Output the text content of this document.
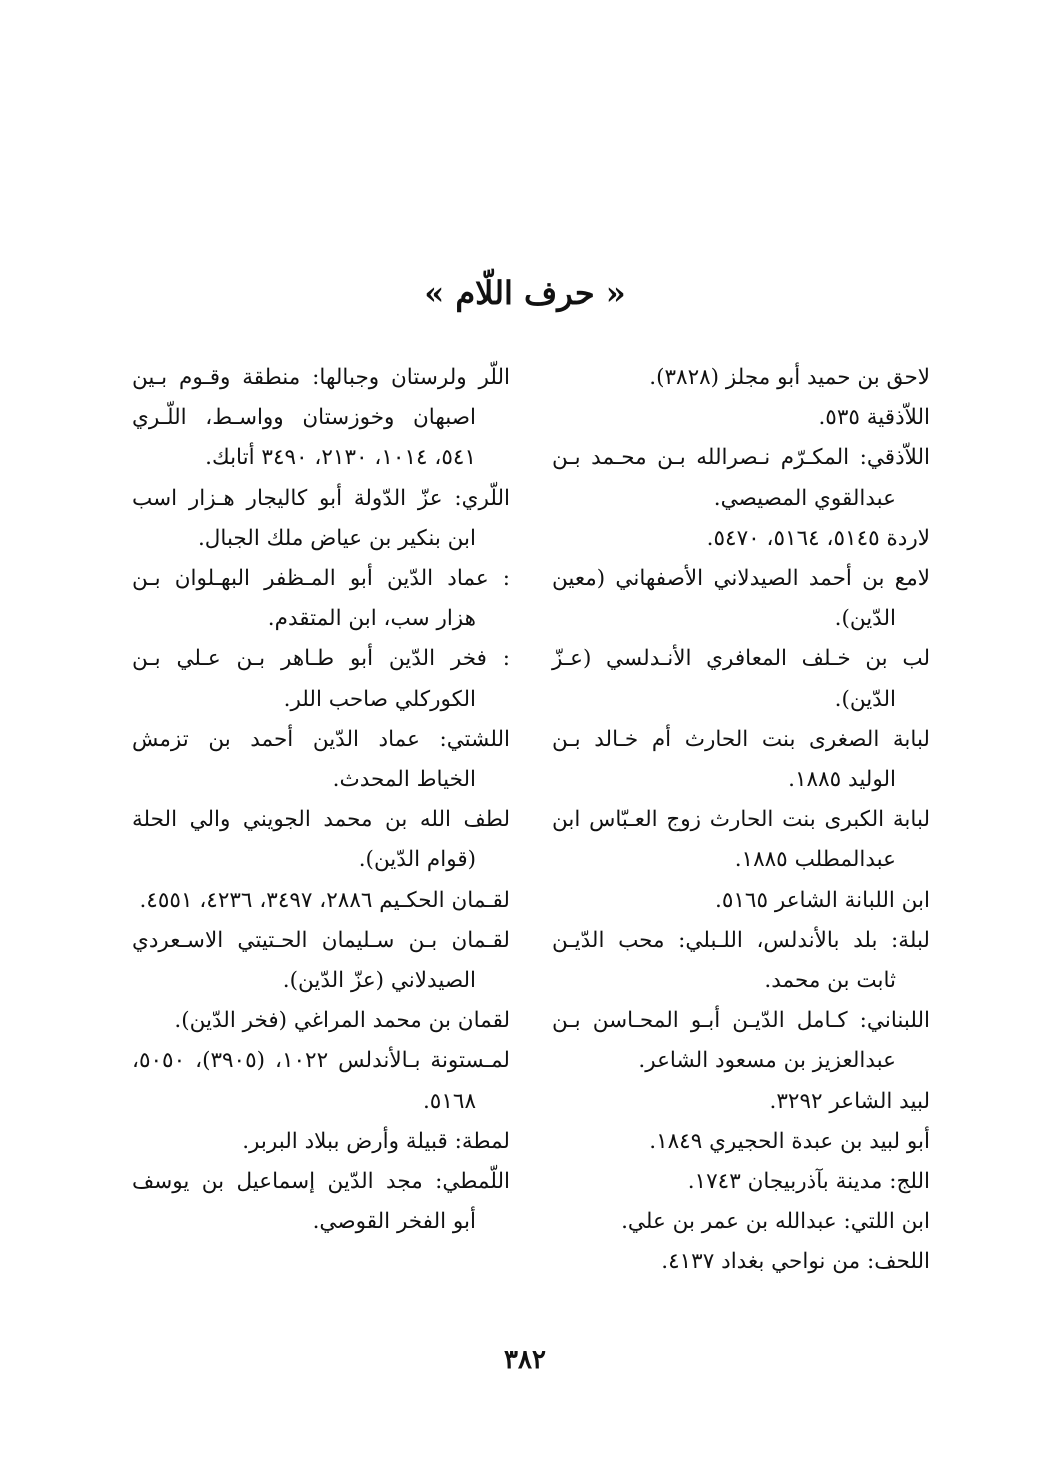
« حرف اللّام »

لاحق بن حميد أبو مجلز (٣٨٢٨).

اللاّذقية ٥٣٥.

اللاّذقي: المكـرّم نـصرالله بـن محـمد بـن عبدالقوي المصيصي.

لاردة ٥١٤٥، ٥١٦٤، ٥٤٧٠.

لامع بن أحمد الصيدلاني الأصفهاني (معين الدّين).

لب بن خـلف المعافري الأنـدلسي (عـزّ الدّين).

لبابة الصغرى بنت الحارث أم خـالد بـن الوليد ١٨٨٥.

لبابة الكبرى بنت الحارث زوج العـبّاس ابن عبدالمطلب ١٨٨٥.

ابن اللبانة الشاعر ٥١٦٥.

لبلة: بلد بالأندلس، اللـبلي: محب الدّيـن ثابت بن محمد.

اللبناني: كـامل الدّيـن أبـو المحـاسن بـن عبدالعزيز بن مسعود الشاعر.

لبيد الشاعر ٣٢٩٢.

أبو لبيد بن عبدة الحجيري ١٨٤٩.

اللج: مدينة بآذربيجان ١٧٤٣.

ابن اللتي: عبدالله بن عمر بن علي.

اللحف: من نواحي بغداد ٤١٣٧.

اللّر ولرستان وجبالها: منطقة وقـوم بـين اصبهان وخوزستان وواسـط، اللّـري ٥٤١، ١٠١٤، ٢١٣٠، ٣٤٩٠ أتابك.

اللّري: عزّ الدّولة أبو كاليجار هـزار اسب ابن بنكير بن عياض ملك الجبال.

: عماد الدّين أبو المـظفر البهـلوان بـن هزار سب، ابن المتقدم.

: فخر الدّين أبو طـاهر بـن عـلي بـن الكوركلي صاحب اللر.

اللشتي: عماد الدّين أحمد بن تزمش الخياط المحدث.

لطف الله بن محمد الجويني والي الحلة (قوام الدّين).

لقـمان الحكـيم ٢٨٨٦، ٣٤٩٧، ٤٢٣٦، ٤٥٥١.

لقـمان بـن سـليمان الحـتيتي الاسـعردي الصيدلاني (عزّ الدّين).

لقمان بن محمد المراغي (فخر الدّين).

لمـستونة بـالأندلس ١٠٢٢، (٣٩٠٥)، ٥٠٥٠، ٥١٦٨.

لمطة: قبيلة وأرض ببلاد البربر.

اللّمطي: مجد الدّين إسماعيل بن يوسف أبو الفخر القوصي.

٣٨٢
